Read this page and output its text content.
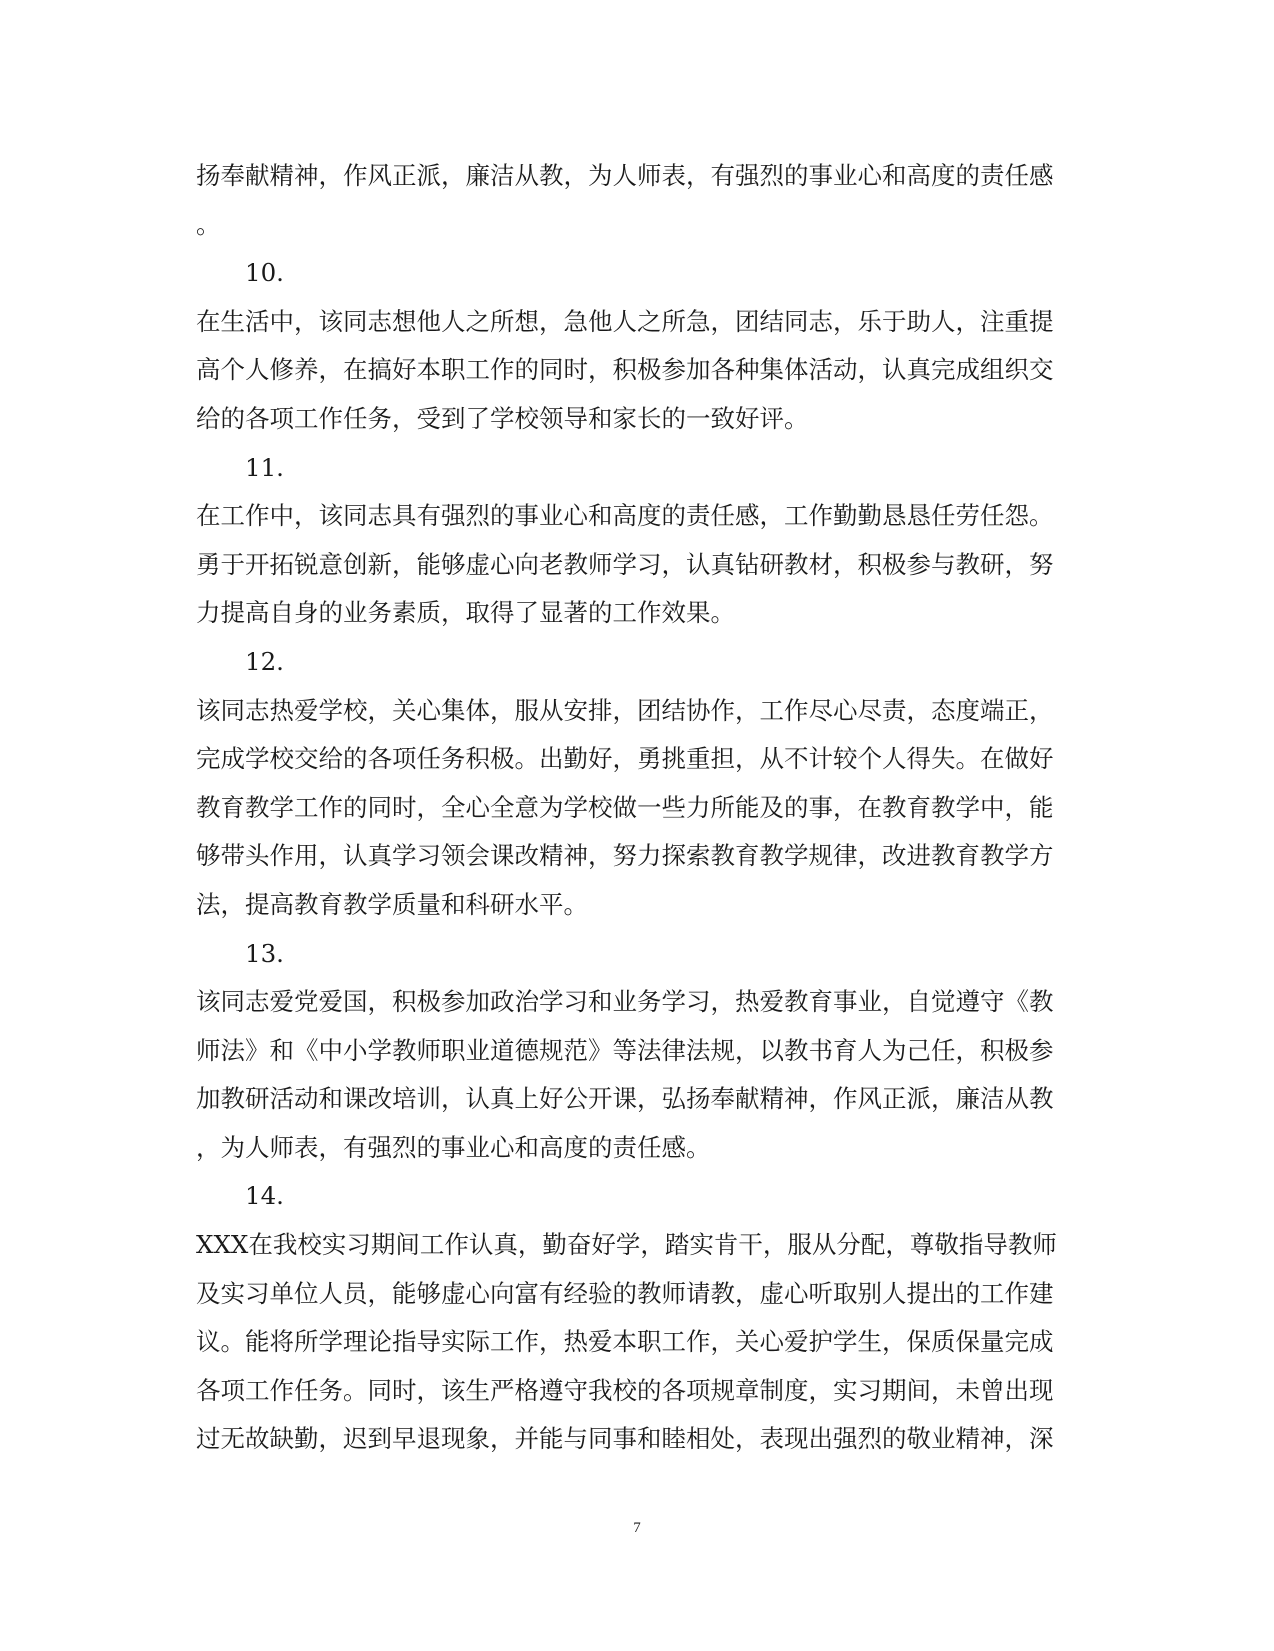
扬奉献精神，作风正派，廉洁从教，为人师表，有强烈的事业心和高度的责任感
。
10.
在生活中，该同志想他人之所想，急他人之所急，团结同志，乐于助人，注重提
高个人修养，在搞好本职工作的同时，积极参加各种集体活动，认真完成组织交
给的各项工作任务，受到了学校领导和家长的一致好评。
11.
在工作中，该同志具有强烈的事业心和高度的责任感，工作勤勤恳恳任劳任怨。
勇于开拓锐意创新，能够虚心向老教师学习，认真钻研教材，积极参与教研，努
力提高自身的业务素质，取得了显著的工作效果。
12.
该同志热爱学校，关心集体，服从安排，团结协作，工作尽心尽责，态度端正，
完成学校交给的各项任务积极。出勤好，勇挑重担，从不计较个人得失。在做好
教育教学工作的同时，全心全意为学校做一些力所能及的事，在教育教学中，能
够带头作用，认真学习领会课改精神，努力探索教育教学规律，改进教育教学方
法，提高教育教学质量和科研水平。
13.
该同志爱党爱国，积极参加政治学习和业务学习，热爱教育事业，自觉遵守《教
师法》和《中小学教师职业道德规范》等法律法规，以教书育人为己任，积极参
加教研活动和课改培训，认真上好公开课，弘扬奉献精神，作风正派，廉洁从教
，为人师表，有强烈的事业心和高度的责任感。
14.
XXX在我校实习期间工作认真，勤奋好学，踏实肯干，服从分配，尊敬指导教师
及实习单位人员，能够虚心向富有经验的教师请教，虚心听取别人提出的工作建
议。能将所学理论指导实际工作，热爱本职工作，关心爱护学生，保质保量完成
各项工作任务。同时，该生严格遵守我校的各项规章制度，实习期间，未曾出现
过无故缺勤，迟到早退现象，并能与同事和睦相处，表现出强烈的敬业精神，深
7
